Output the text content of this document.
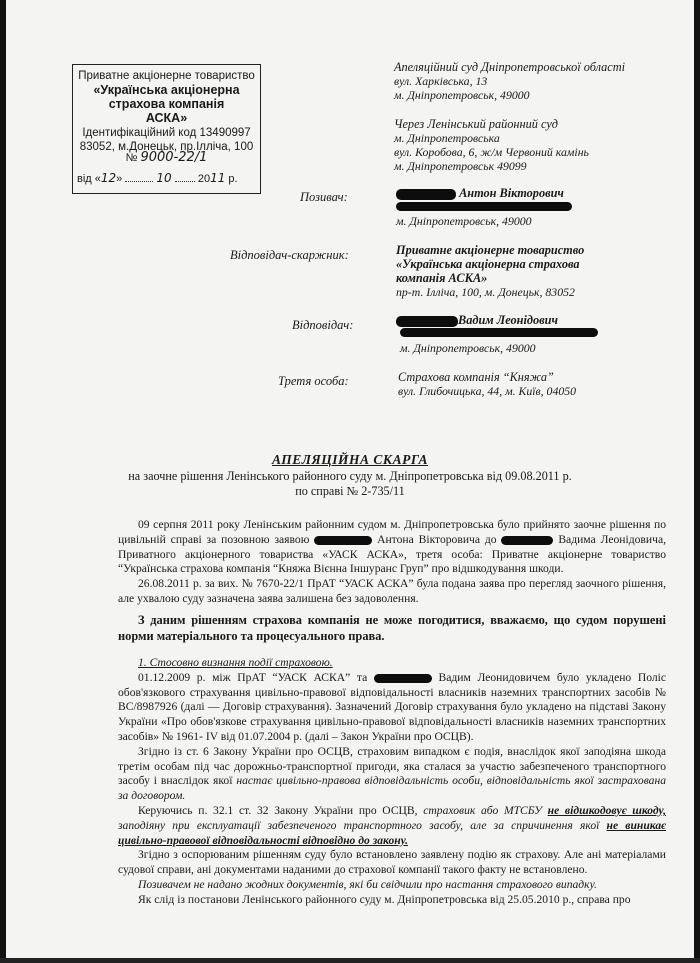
Приватне акціонерне товариство
«Українська акціонерна
страхова компанія
АСКА»
Ідентифікаційний код 13490997
83052, м.Донецьк, пр.Ілліча, 100
№ 9000-22/1
від «12»	10 2011 р.
Апеляційний суд Дніпропетровської області
вул. Харківська, 13
м. Дніпропетровськ, 49000
Через Ленінський районний суд
м. Дніпропетровська
вул. Коробова, 6, ж/м Червоний камінь
м. Дніпропетровськ 49099
Позивач:	Антон Вікторович
м. Дніпропетровськ, 49000
Відповідач-скаржник:	Приватне акціонерне товариство
«Українська акціонерна страхова
компанія АСКА»
пр-т. Ілліча, 100, м. Донецьк, 83052
Відповідач:	Вадим Леонідович
м. Дніпропетровськ, 49000
Третя особа:	Страхова компанія “Княжа”
вул. Глибочицька, 44, м. Київ, 04050
АПЕЛЯЦІЙНА СКАРГА
на заочне рішення Ленінського районного суду м. Дніпропетровська від 09.08.2011 р.
по справі № 2-735/11

09 серпня 2011 року Ленінським районним судом м. Дніпропетровська було прийнято заочне рішення по цивільній справі за позовною заявою	Антона Вікторовича до	Вадима Леонідовича, Приватного акціонерного товариства «УАСК АСКА», третя особа: Приватне акціонерне товариство “Українська страхова компанія “Княжа Вієнна Іншуранс Груп” про відшкодування шкоди.

26.08.2011 р. за вих. № 7670-22/1 ПрАТ “УАСК АСКА” була подана заява про перегляд заочного рішення, але ухвалою суду зазначена заява залишена без задоволення.

З даним рішенням страхова компанія не може погодитися, вважаємо, що судом порушені норми матеріального та процесуального права.

1. Стосовно визнання події страховою.

01.12.2009 р. між ПрАТ “УАСК АСКА” та	Вадим Леонидовичем було укладено Поліс обов'язкового страхування цивільно-правової відповідальності власників наземних транспортних засобів № ВС/8987926 (далі — Договір страхування). Зазначений Договір страхування було укладено на підставі Закону України «Про обов'язкове страхування цивільно-правової відповідальності власників наземних транспортних засобів» № 1961- IV від 01.07.2004 р. (далі – Закон України про ОСЦВ).

Згідно із ст. 6 Закону України про ОСЦВ, страховим випадком є подія, внаслідок якої заподіяна шкода третім особам під час дорожньо-транспортної пригоди, яка сталася за участю забезпеченого транспортного засобу і внаслідок якої настає цивільно-правова відповідальність особи, відповідальність якої застрахована за договором.

Керуючись п. 32.1 ст. 32 Закону України про ОСЦВ, страховик або МТСБУ не відшкодовує шкоду, заподіяну при експлуатації забезпеченого транспортного засобу, але за спричинення якої не виникає цивільно-правової відповідальності відповідно до закону.

Згідно з оспорюваним рішенням суду було встановлено заявлену подію як страхову. Але ані матеріалами судової справи, ані документами наданими до страхової компанії такого факту не встановлено.

Позивачем не надано жодних документів, які би свідчили про настання страхового випадку.

Як слід із постанови Ленінського районного суду м. Дніпропетровська від 25.05.2010 р., справа про
